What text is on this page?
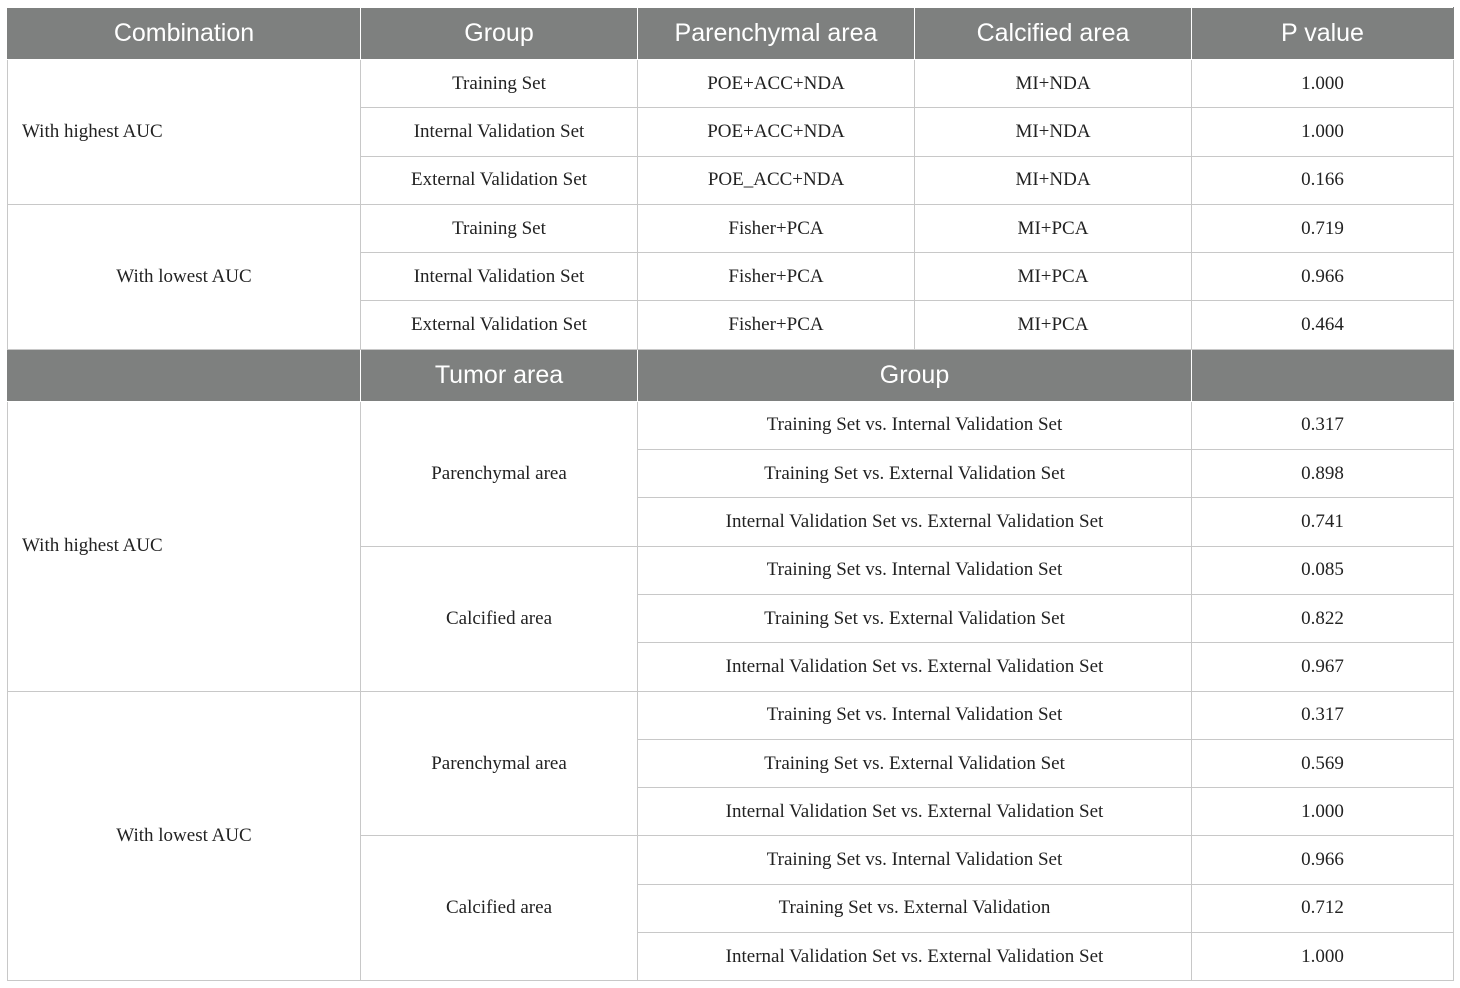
Combination	Group	Parenchymal area	Calcified area	P value
With highest AUC	Training Set	POE+ACC+NDA	MI+NDA	1.000
	Internal Validation Set	POE+ACC+NDA	MI+NDA	1.000
	External Validation Set	POE_ACC+NDA	MI+NDA	0.166
With lowest AUC	Training Set	Fisher+PCA	MI+PCA	0.719
	Internal Validation Set	Fisher+PCA	MI+PCA	0.966
	External Validation Set	Fisher+PCA	MI+PCA	0.464
	Tumor area	Group		
With highest AUC	Parenchymal area	Training Set vs. Internal Validation Set		0.317
		Training Set vs. External Validation Set		0.898
		Internal Validation Set vs. External Validation Set		0.741
	Calcified area	Training Set vs. Internal Validation Set		0.085
		Training Set vs. External Validation Set		0.822
		Internal Validation Set vs. External Validation Set		0.967
With lowest AUC	Parenchymal area	Training Set vs. Internal Validation Set		0.317
		Training Set vs. External Validation Set		0.569
		Internal Validation Set vs. External Validation Set		1.000
	Calcified area	Training Set vs. Internal Validation Set		0.966
		Training Set vs. External Validation		0.712
		Internal Validation Set vs. External Validation Set		1.000
